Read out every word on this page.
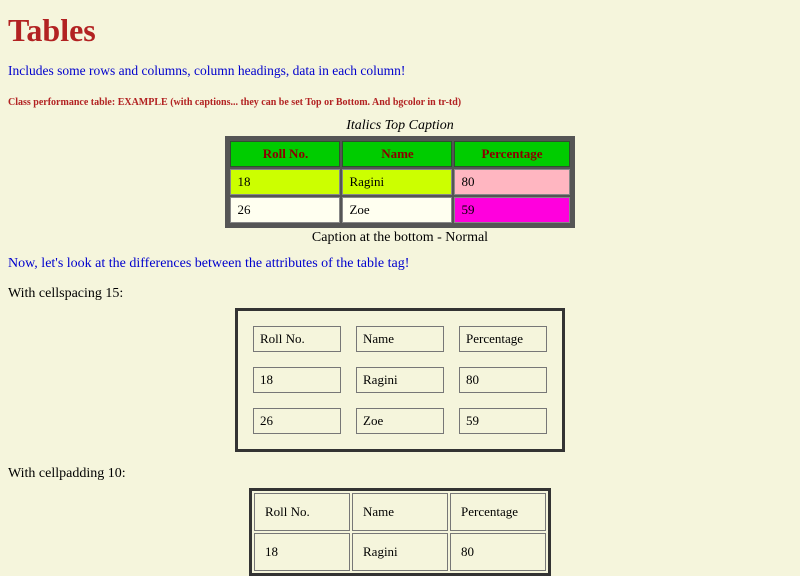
Tables

Includes some rows and columns, column headings, data in each column!

Class performance table: EXAMPLE (with captions... they can be set Top or Bottom. And bgcolor in tr-td)

Italics Top Caption
Roll No.	Name	Percentage
18	Ragini	80
26	Zoe	59
Caption at the bottom - Normal

Now, let's look at the differences between the attributes of the table tag!

With cellspacing 15:

Roll No.	Name	Percentage
18	Ragini	80
26	Zoe	59

With cellpadding 10:

Roll No.	Name	Percentage
18	Ragini	80
